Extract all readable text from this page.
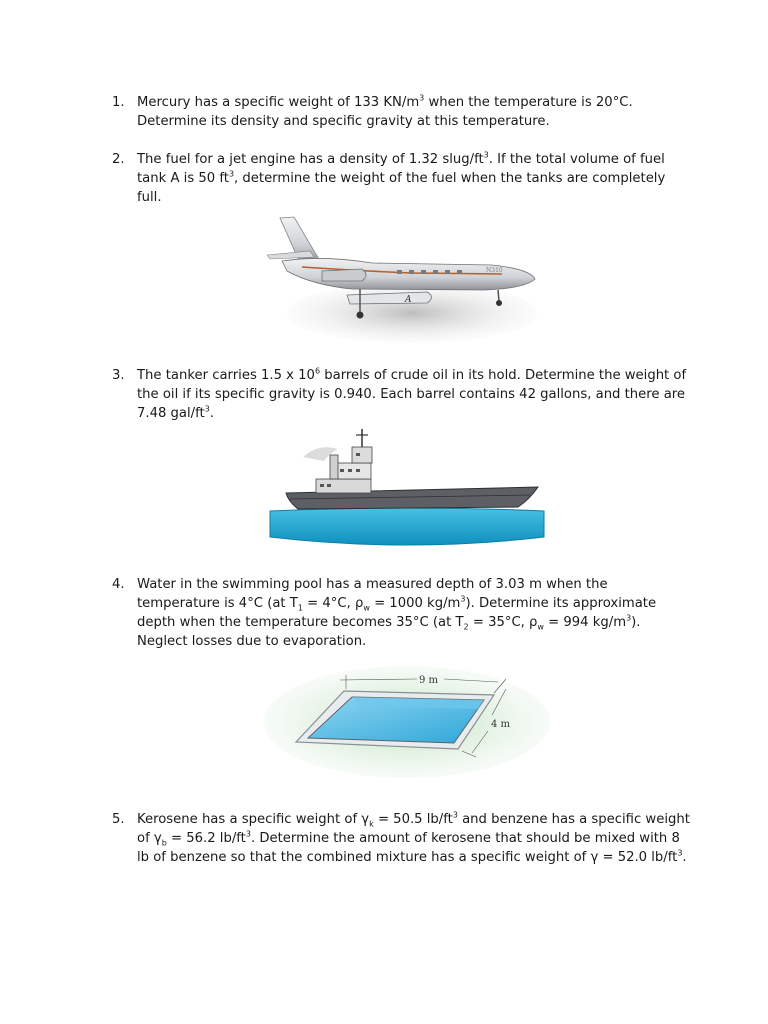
1. Mercury has a specific weight of 133 $KN/m^3$ when the temperature is 20°C. Determine its density and specific gravity at this temperature.
2. The fuel for a jet engine has a density of 1.32 slug/$ft^3$. If the total volume of fuel tank A is 50 $ft^3$, determine the weight of the fuel when the tanks are completely full.
N310
A
3. The tanker carries 1.5 x $10^6$ barrels of crude oil in its hold. Determine the weight of the oil if its specific gravity is 0.940. Each barrel contains 42 gallons, and there are 7.48 gal/$ft^3$.
4. Water in the swimming pool has a measured depth of 3.03 m when the temperature is 4°C (at $T_1 = 4^\circ C$, $\rho_w = 1000$ $kg/m^3$). Determine its approximate depth when the temperature becomes 35°C (at $T_2 = 35^\circ C$, $\rho_w = 994$ $kg/m^3$). Neglect losses due to evaporation.
9 m
4 m
5. Kerosene has a specific weight of $\gamma_k = 50.5$ $lb/ft^3$ and benzene has a specific weight of $\gamma_b = 56.2$ $lb/ft^3$. Determine the amount of kerosene that should be mixed with 8 lb of benzene so that the combined mixture has a specific weight of γ = 52.0 $lb/ft^3$.
